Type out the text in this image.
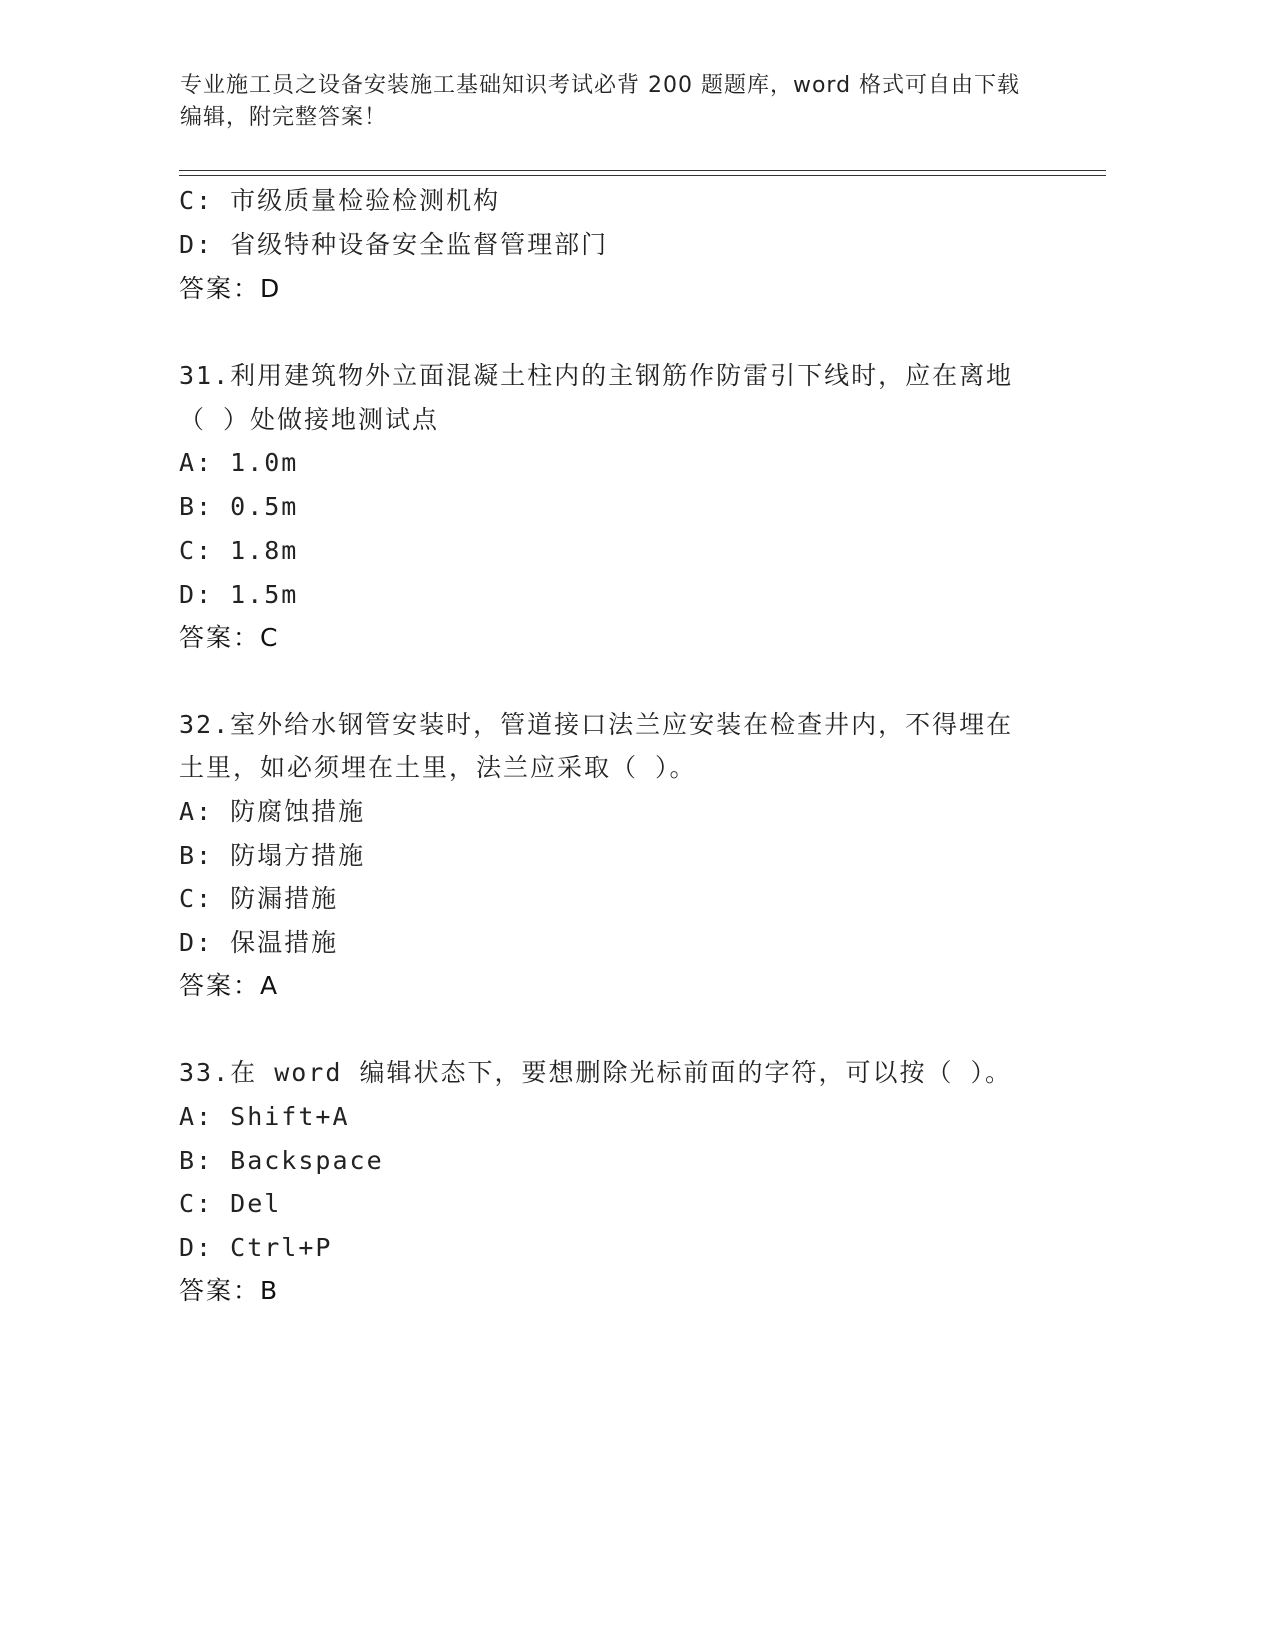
专业施工员之设备安装施工基础知识考试必背 200 题题库，word 格式可自由下载
编辑，附完整答案！
C: 市级质量检验检测机构
D: 省级特种设备安全监督管理部门
答案：D
31.利用建筑物外立面混凝土柱内的主钢筋作防雷引下线时，应在离地
（ ）处做接地测试点
A: 1.0m
B: 0.5m
C: 1.8m
D: 1.5m
答案：C
32.室外给水钢管安装时，管道接口法兰应安装在检查井内，不得埋在
土里，如必须埋在土里，法兰应采取（ ）。
A: 防腐蚀措施
B: 防塌方措施
C: 防漏措施
D: 保温措施
答案：A
33.在 word 编辑状态下，要想删除光标前面的字符，可以按（ ）。
A: Shift+A
B: Backspace
C: Del
D: Ctrl+P
答案：B
